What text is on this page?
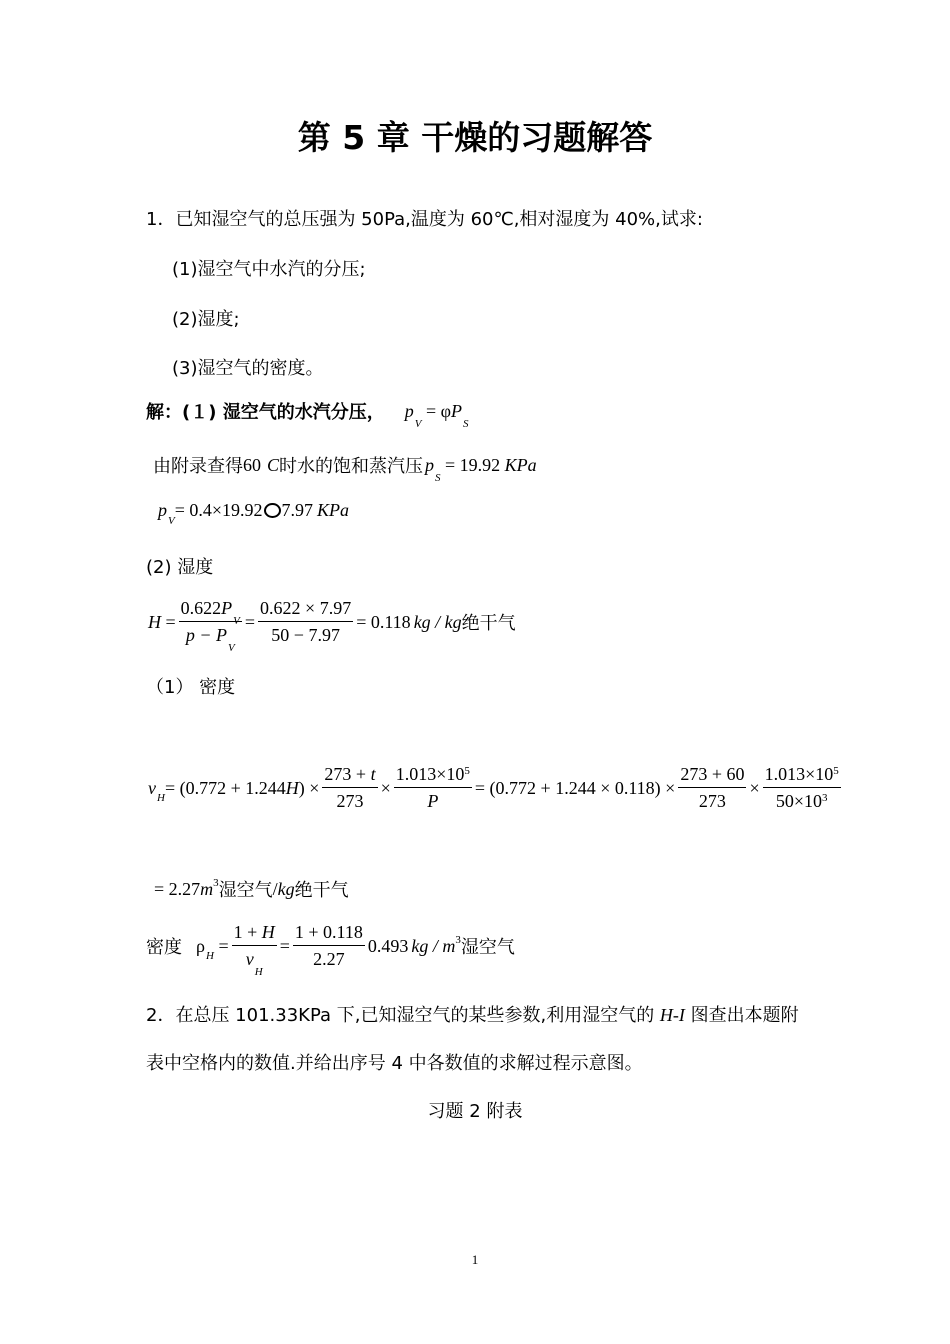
第 5 章 干燥的习题解答
1．已知湿空气的总压强为 50Pa,温度为 60℃,相对湿度为 40%,试求:
(1)湿空气中水汽的分压;
(2)湿度;
(3)湿空气的密度。
解：(１) 湿空气的水汽分压， $p_V = \varphi P_S$
由附录查得 60 C 时水的饱和蒸汽压 $p_S = 19.92$ KPa
p
V
= 0.4×19.92 7.97 KPa
(2) 湿度
$H = \frac{0.622P_V}{p - P_V} = \frac{0.622 \times 7.97}{50 - 7.97} = 0.118$ kg / kg 绝干气
（1） 密度
v
H
= (0.772 + 1.244 H ) × $\frac{273 + t}{273} \times \frac{1.013\times 10^5}{P} = (0.772 + 1.244 \times 0.118) \times \frac{273 + 60}{273} \times \frac{1.013\times 10^5}{50\times 10^3}$
= 2.27 m 3 湿空气 / kg 绝干气
密度 ρ
H
= $\frac{1 + H}{v_H} = \frac{1 + 0.118}{2.27} 0.493$ kg / m 3 湿空气
2．在总压 101.33KPa 下,已知湿空气的某些参数,利用湿空气的 H-I 图查出本题附
表中空格内的数值.并给出序号 4 中各数值的求解过程示意图。
习题 2 附表
1
